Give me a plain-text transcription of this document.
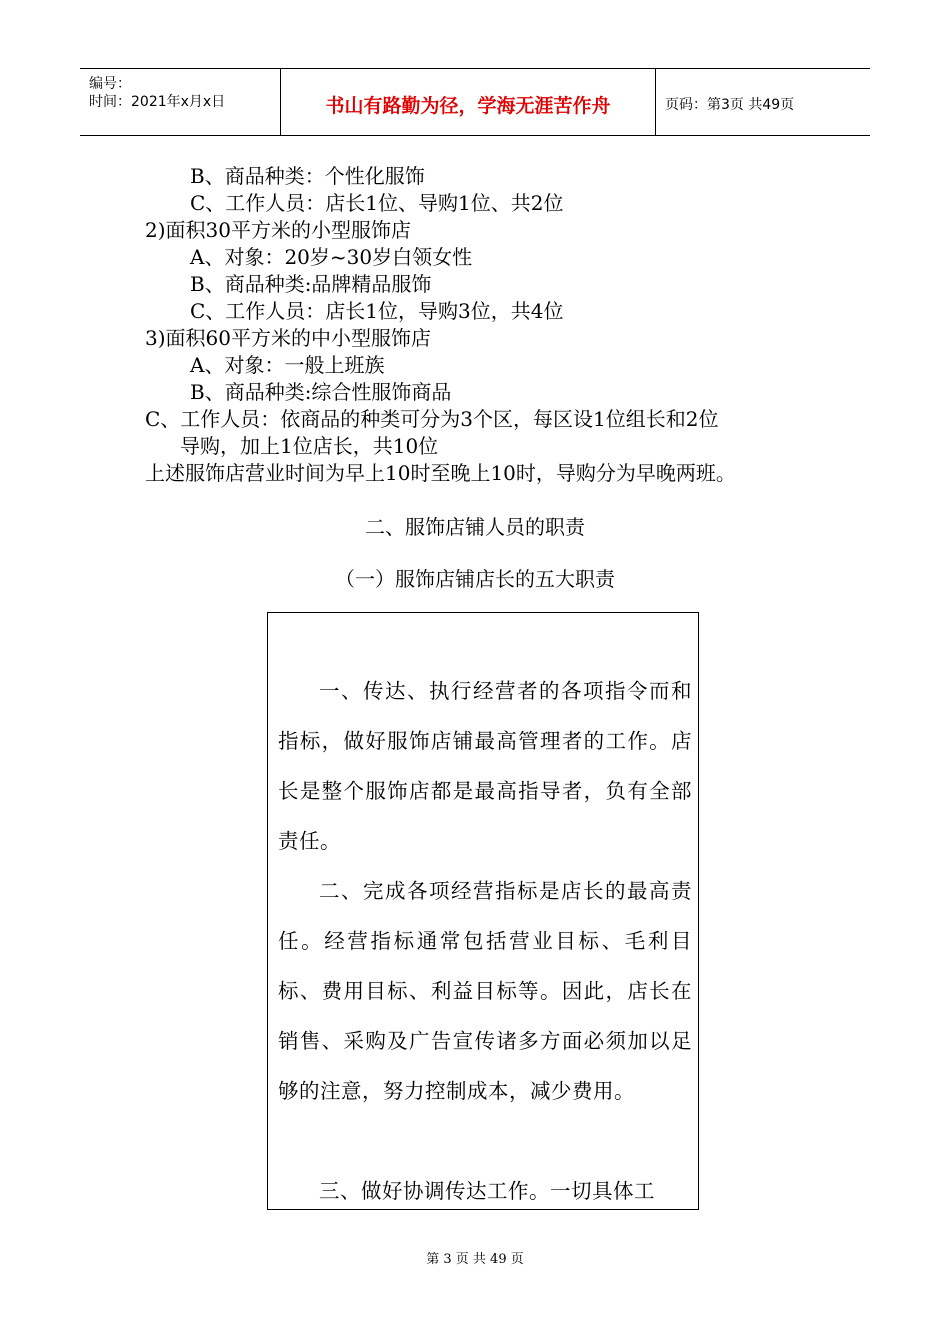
编号：
时间：2021年x月x日	书山有路勤为径，学海无涯苦作舟	页码：第3页 共49页
B、商品种类：个性化服饰
C、工作人员：店长1位、导购1位、共2位
2)面积30平方米的小型服饰店
A、对象：20岁~30岁白领女性
B、商品种类:品牌精品服饰
C、工作人员：店长1位，导购3位，共4位
3)面积60平方米的中小型服饰店
A、对象：一般上班族
B、商品种类:综合性服饰商品
C、工作人员：依商品的种类可分为3个区，每区设1位组长和2位
导购，加上1位店长，共10位
上述服饰店营业时间为早上10时至晚上10时，导购分为早晚两班。
二、服饰店铺人员的职责
（一）服饰店铺店长的五大职责

一、传达、执行经营者的各项指令而和指标，做好服饰店铺最高管理者的工作。店长是整个服饰店都是最高指导者，负有全部责任。

二、完成各项经营指标是店长的最高责任。经营指标通常包括营业目标、毛利目标、费用目标、利益目标等。因此，店长在销售、采购及广告宣传诸多方面必须加以足够的注意，努力控制成本，减少费用。

三、做好协调传达工作。一切具体工

第 3 页 共 49 页
